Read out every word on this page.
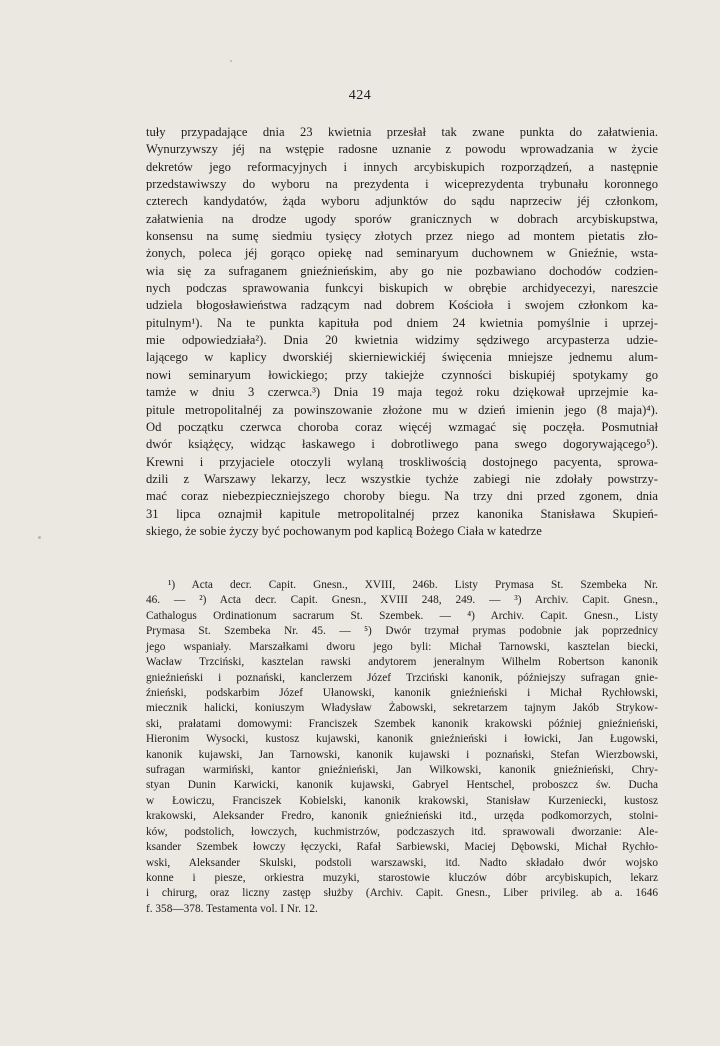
424
tuły przypadające dnia 23 kwietnia przesłał tak zwane punkta do załatwienia.
Wynurzywszy jéj na wstępie radosne uznanie z powodu wprowadzania w życie
dekretów jego reformacyjnych i innych arcybiskupich rozporządzeń, a następnie
przedstawiwszy do wyboru na prezydenta i wiceprezydenta trybunału koronnego
czterech kandydatów, żąda wyboru adjunktów do sądu naprzeciw jéj członkom,
załatwienia na drodze ugody sporów granicznych w dobrach arcybiskupstwa,
konsensu na sumę siedmiu tysięcy złotych przez niego ad montem pietatis zło-
żonych, poleca jéj gorąco opiekę nad seminaryum duchownem w Gnieźnie, wsta-
wia się za sufraganem gnieźnieńskim, aby go nie pozbawiano dochodów codzien-
nych podczas sprawowania funkcyi biskupich w obrębie archidyecezyi, nareszcie
udziela błogosławieństwa radzącym nad dobrem Kościoła i swojem członkom ka-
pitulnym¹). Na te punkta kapituła pod dniem 24 kwietnia pomyślnie i uprzej-
mie odpowiedziała²). Dnia 20 kwietnia widzimy sędziwego arcypasterza udzie-
lającego w kaplicy dworskiéj skierniewickiéj święcenia mniejsze jednemu alum-
nowi seminaryum łowickiego; przy takiejże czynności biskupiéj spotykamy go
tamże w dniu 3 czerwca.³) Dnia 19 maja tegoż roku dziękował uprzejmie ka-
pitule metropolitalnéj za powinszowanie złożone mu w dzień imienin jego (8 maja)⁴).
Od początku czerwca choroba coraz więcéj wzmagać się poczęła. Posmutniał
dwór książęcy, widząc łaskawego i dobrotliwego pana swego dogorywającego⁵).
Krewni i przyjaciele otoczyli wylaną troskliwością dostojnego pacyenta, sprowa-
dzili z Warszawy lekarzy, lecz wszystkie tychże zabiegi nie zdołały powstrzy-
mać coraz niebezpieczniejszego choroby biegu. Na trzy dni przed zgonem, dnia
31 lipca oznajmił kapitule metropolitalnéj przez kanonika Stanisława Skupień-
skiego, że sobie życzy być pochowanym pod kaplicą Bożego Ciała w katedrze
¹) Acta decr. Capit. Gnesn., XVIII, 246b. Listy Prymasa St. Szembeka Nr.
46. — ²) Acta decr. Capit. Gnesn., XVIII 248, 249. — ³) Archiv. Capit. Gnesn.,
Cathalogus Ordinationum sacrarum St. Szembek. — ⁴) Archiv. Capit. Gnesn., Listy
Prymasa St. Szembeka Nr. 45. — ⁵) Dwór trzymał prymas podobnie jak poprzednicy
jego wspaniały. Marszałkami dworu jego byli: Michał Tarnowski, kasztelan biecki,
Wacław Trzciński, kasztelan rawski andytorem jeneralnym Wilhelm Robertson kanonik
gnieźnieński i poznański, kanclerzem Józef Trzciński kanonik, późniejszy sufragan gnie-
źnieński, podskarbim Józef Ułanowski, kanonik gnieźnieński i Michał Rychłowski,
miecznik halicki, koniuszym Władysław Żabowski, sekretarzem tajnym Jakób Strykow-
ski, prałatami domowymi: Franciszek Szembek kanonik krakowski później gnieźnieński,
Hieronim Wysocki, kustosz kujawski, kanonik gnieźnieński i łowicki, Jan Ługowski,
kanonik kujawski, Jan Tarnowski, kanonik kujawski i poznański, Stefan Wierzbowski,
sufragan warmiński, kantor gnieźnieński, Jan Wilkowski, kanonik gnieźnieński, Chry-
styan Dunin Karwicki, kanonik kujawski, Gabryel Hentschel, proboszcz św. Ducha
w Łowiczu, Franciszek Kobielski, kanonik krakowski, Stanisław Kurzeniecki, kustosz
krakowski, Aleksander Fredro, kanonik gnieźnieński itd., urzęda podkomorzych, stolni-
ków, podstolich, łowczych, kuchmistrzów, podczaszych itd. sprawowali dworzanie: Ale-
ksander Szembek łowczy łęczycki, Rafał Sarbiewski, Maciej Dębowski, Michał Rychło-
wski, Aleksander Skulski, podstoli warszawski, itd. Nadto składało dwór wojsko
konne i piesze, orkiestra muzyki, starostowie kluczów dóbr arcybiskupich, lekarz
i chirurg, oraz liczny zastęp służby (Archiv. Capit. Gnesn., Liber privileg. ab a. 1646
f. 358—378. Testamenta vol. I Nr. 12.
